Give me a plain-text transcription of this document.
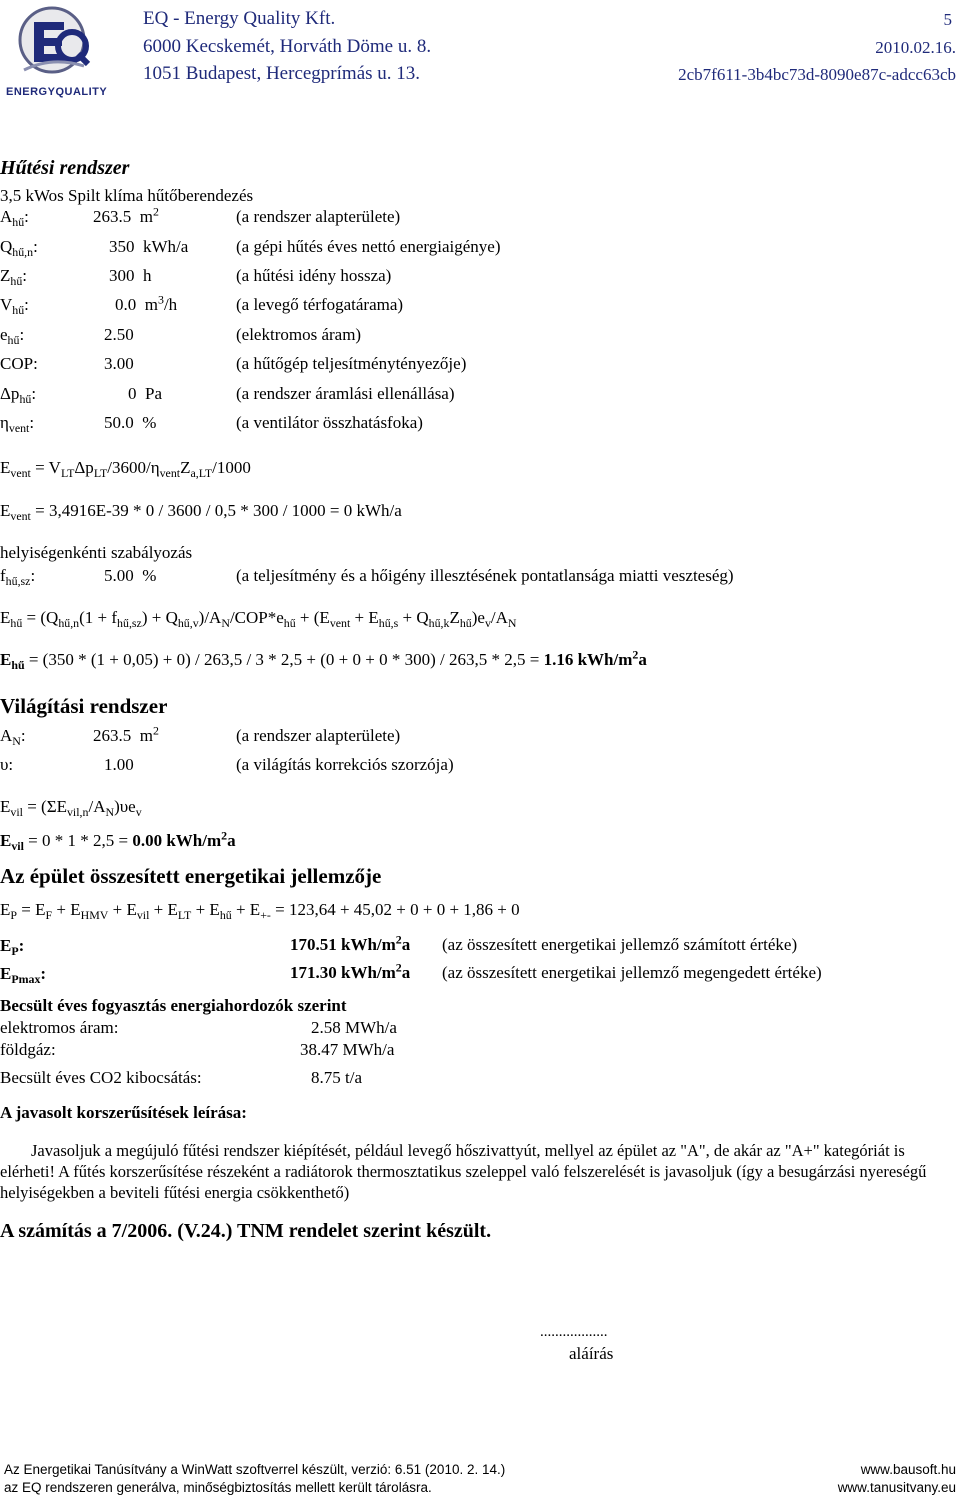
ENERGYQUALITY
EQ - Energy Quality Kft.
6000 Kecskemét, Horváth Döme u. 8.
1051 Budapest, Hercegprímás u. 13.
5
2010.02.16.
2cb7f611-3b4bc73d-8090e87c-adcc63cb
Hűtési rendszer
3,5 kWos Spilt klíma hűtőberendezés
$A_{hű}$:	263.5 $m^2$	(a rendszer alapterülete)
$Q_{hű,n}$:	350 kWh/a	(a gépi hűtés éves nettó energiaigénye)
$Z_{hű}$:	300 h	(a hűtési idény hossza)
$V_{hű}$:	0.0 $m^3/h$	(a levegő térfogatárama)
$e_{hű}$:	2.50	(elektromos áram)
COP:	3.00	(a hűtőgép teljesítménytényezője)
$\Delta p_{hű}$:	0 Pa	(a rendszer áramlási ellenállása)
$\eta_{vent}$:	50.0 %	(a ventilátor összhatásfoka)
$E_{vent} = V_{LT}\Delta p_{LT}/3600/\eta_{vent}Z_{a,LT}/1000$
$E_{vent} = 3,4916E-39 * 0 / 3600 / 0,5 * 300 / 1000 = 0$ kWh/a
helyiségenkénti szabályozás
$f_{hű,sz}$:	5.00 %	(a teljesítmény és a hőigény illesztésének pontatlansága miatti veszteség)
$E_{hű} = (Q_{hű,n}(1 + f_{hű,sz}) + Q_{hű,v})/A_N/COP*e_{hű} + (E_{vent} + E_{hű,s} + Q_{hű,k}Z_{hű})e_v/A_N$
$E_{hű} = (350 * (1 + 0,05) + 0) / 263,5 / 3 * 2,5 + (0 + 0 + 0 * 300) / 263,5 * 2,5 = 1.16$ kWh/$m^2a$
Világítási rendszer
$A_N$:	263.5 $m^2$	(a rendszer alapterülete)
υ:	1.00	(a világítás korrekciós szorzója)
$E_{vil} = (\Sigma E_{vil,n}/A_N)\upsilon e_v$
$E_{vil} = 0 * 1 * 2,5 = 0.00$ kWh/$m^2a$
Az épület összesített energetikai jellemzője
$E_P = E_F + E_{HMV} + E_{vil} + E_{LT} + E_{hű} + E_{+-} = 123,64 + 45,02 + 0 + 0 + 1,86 + 0$
$E_P$:	170.51 kWh/$m^2a$ (az összesített energetikai jellemző számított értéke)
$E_{Pmax}$:	171.30 kWh/$m^2a$ (az összesített energetikai jellemző megengedett értéke)
Becsült éves fogyasztás energiahordozók szerint
elektromos áram:	2.58 MWh/a
földgáz:	38.47 MWh/a
Becsült éves CO2 kibocsátás:	8.75 t/a
A javasolt korszerűsítések leírása:
Javasoljuk a megújuló fűtési rendszer kiépítését, például levegő hőszivattyút, mellyel az épület az "A", de akár az "A+" kategóriát is elérheti! A fűtés korszerűsítése részeként a radiátorok thermosztatikus szeleppel való felszerelését is javasoljuk (így a besugárzási nyereségű helyiségekben a beviteli fűtési energia csökkenthető)
A számítás a 7/2006. (V.24.) TNM rendelet szerint készült.
..................
aláírás
Az Energetikai Tanúsítvány a WinWatt szoftverrel készült, verzió: 6.51 (2010. 2. 14.)
az EQ rendszeren generálva, minőségbiztosítás mellett került tárolásra.
www.bausoft.hu
www.tanusitvany.eu
